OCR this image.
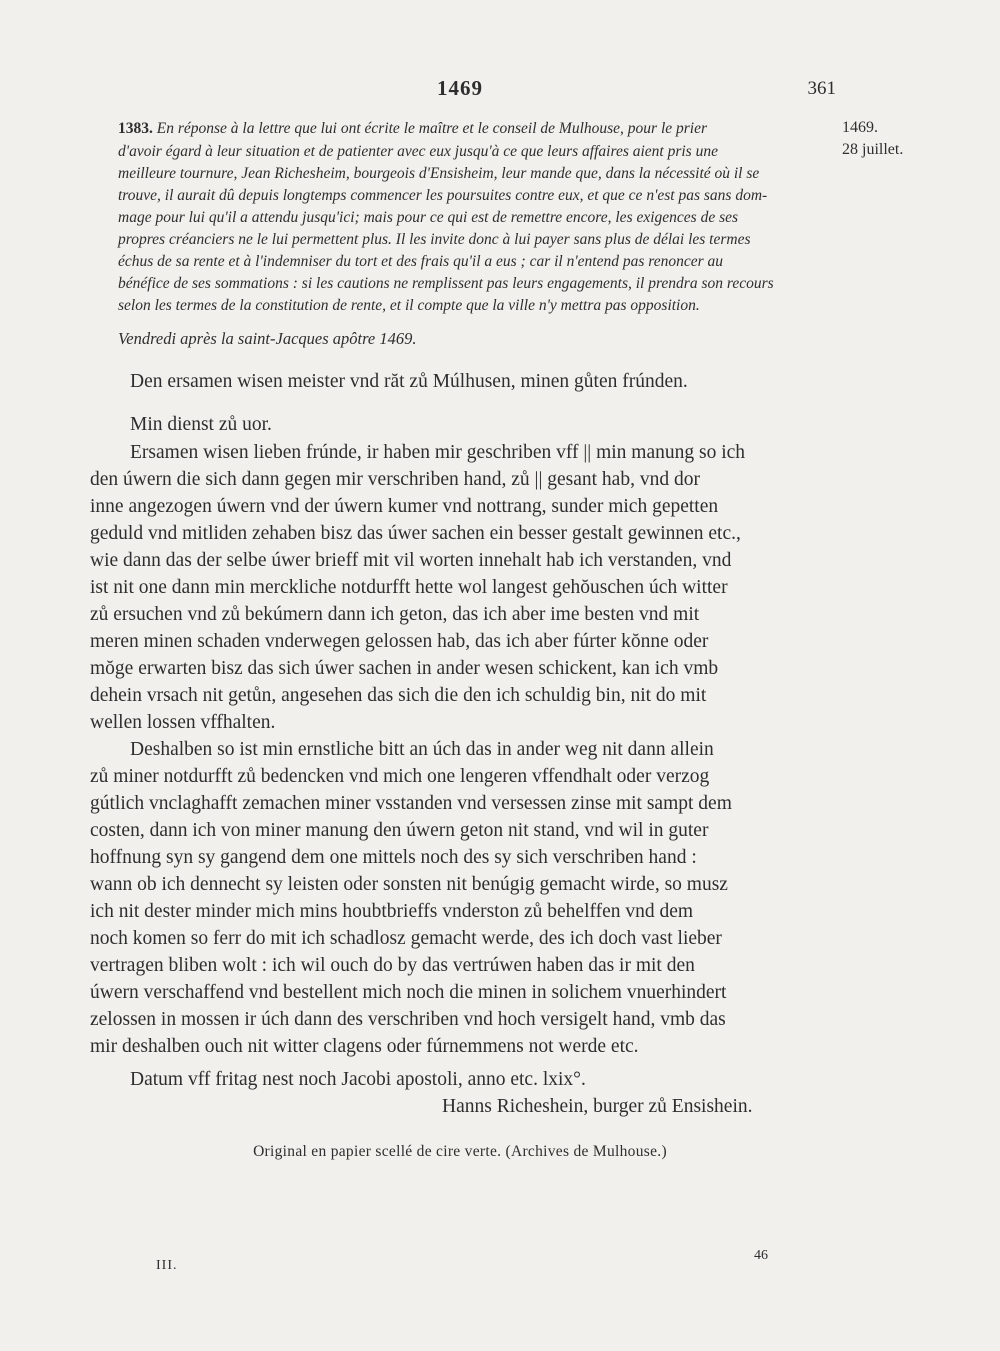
1469	361
1469.
28 juillet.
1383. En réponse à la lettre que lui ont écrite le maître et le conseil de Mulhouse, pour le prier
d'avoir égard à leur situation et de patienter avec eux jusqu'à ce que leurs affaires aient pris une
meilleure tournure, Jean Richesheim, bourgeois d'Ensisheim, leur mande que, dans la nécessité où il se
trouve, il aurait dû depuis longtemps commencer les poursuites contre eux, et que ce n'est pas sans dom-
mage pour lui qu'il a attendu jusqu'ici; mais pour ce qui est de remettre encore, les exigences de ses
propres créanciers ne le lui permettent plus. Il les invite donc à lui payer sans plus de délai les termes
échus de sa rente et à l'indemniser du tort et des frais qu'il a eus ; car il n'entend pas renoncer au
bénéfice de ses sommations : si les cautions ne remplissent pas leurs engagements, il prendra son recours
selon les termes de la constitution de rente, et il compte que la ville n'y mettra pas opposition.
Vendredi après la saint-Jacques apôtre 1469.
Den ersamen wisen meister vnd răt zů Múlhusen, minen gůten frúnden.
Min dienst zů uor.
Ersamen wisen lieben frúnde, ir haben mir geschriben vff || min manung so ich
den úwern die sich dann gegen mir verschriben hand, zů || gesant hab, vnd dor
inne angezogen úwern vnd der úwern kumer vnd nottrang, sunder mich gepetten
geduld vnd mitliden zehaben bisz das úwer sachen ein besser gestalt gewinnen etc.,
wie dann das der selbe úwer brieff mit vil worten innehalt hab ich verstanden, vnd
ist nit one dann min merckliche notdurfft hette wol langest gehŏuschen úch witter
zů ersuchen vnd zů bekúmern dann ich geton, das ich aber ime besten vnd mit
meren minen schaden vnderwegen gelossen hab, das ich aber fúrter kŏnne oder
mŏge erwarten bisz das sich úwer sachen in ander wesen schickent, kan ich vmb
dehein vrsach nit getůn, angesehen das sich die den ich schuldig bin, nit do mit
wellen lossen vffhalten.
Deshalben so ist min ernstliche bitt an úch das in ander weg nit dann allein
zů miner notdurfft zů bedencken vnd mich one lengeren vffendhalt oder verzog
gútlich vnclaghafft zemachen miner vsstanden vnd versessen zinse mit sampt dem
costen, dann ich von miner manung den úwern geton nit stand, vnd wil in guter
hoffnung syn sy gangend dem one mittels noch des sy sich verschriben hand :
wann ob ich dennecht sy leisten oder sonsten nit benúgig gemacht wirde, so musz
ich nit dester minder mich mins houbtbrieffs vnderston zů behelffen vnd dem
noch komen so ferr do mit ich schadlosz gemacht werde, des ich doch vast lieber
vertragen bliben wolt : ich wil ouch do by das vertrúwen haben das ir mit den
úwern verschaffend vnd bestellent mich noch die minen in solichem vnuerhindert
zelossen in mossen ir úch dann des verschriben vnd hoch versigelt hand, vmb das
mir deshalben ouch nit witter clagens oder fúrnemmens not werde etc.
Datum vff fritag nest noch Jacobi apostoli, anno etc. lxix°.
Hanns Richeshein, burger zů Ensishein.
Original en papier scellé de cire verte. (Archives de Mulhouse.)
III.
46
